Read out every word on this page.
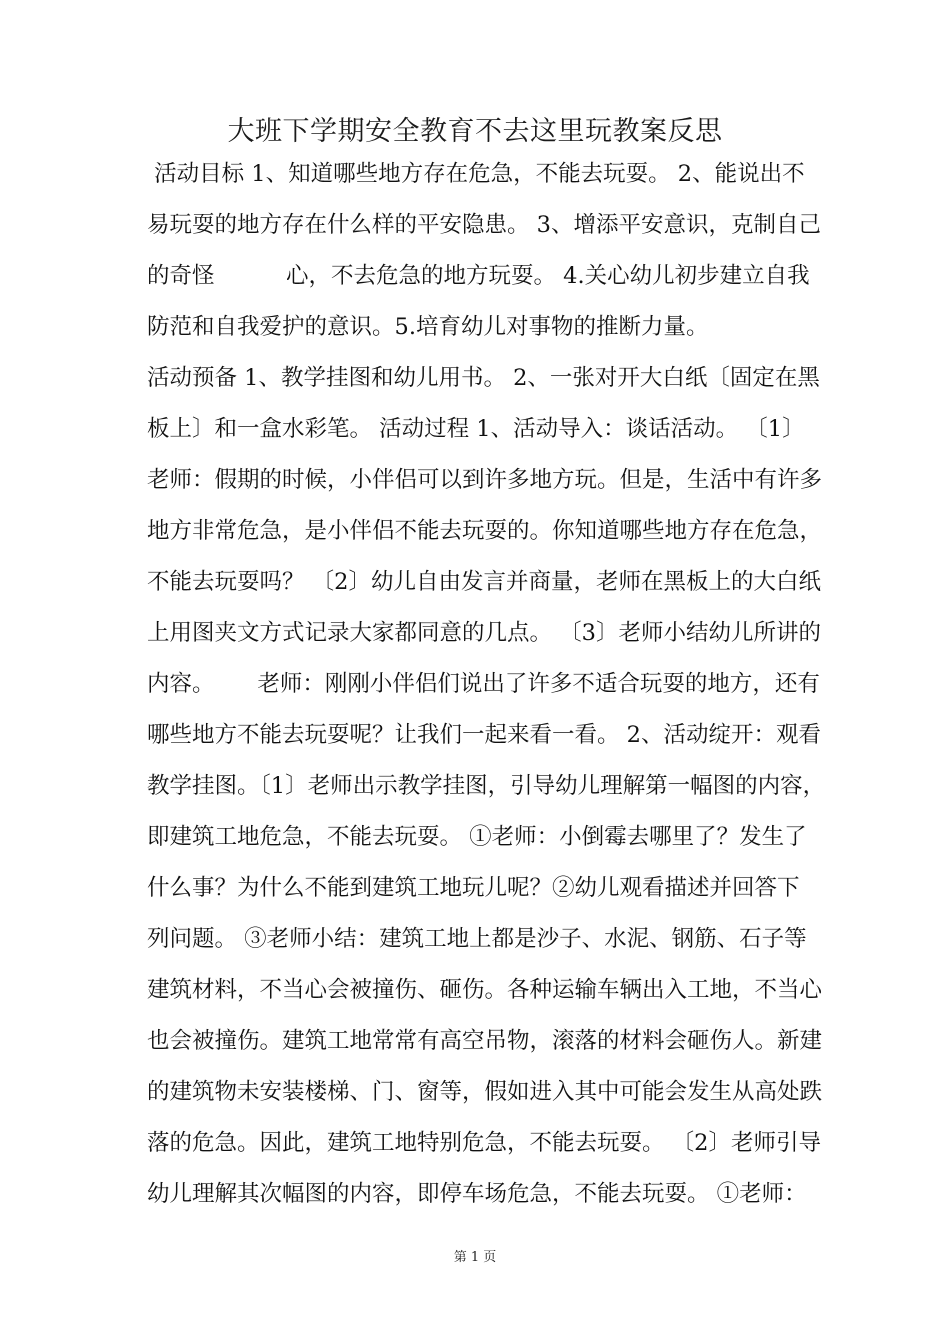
大班下学期安全教育不去这里玩教案反思
活动目标 1、知道哪些地方存在危急，不能去玩耍。 2、能说出不
易玩耍的地方存在什么样的平安隐患。 3、增添平安意识，克制自己
的奇怪          心，不去危急的地方玩耍。 4.关心幼儿初步建立自我
防范和自我爱护的意识。5.培育幼儿对事物的推断力量。
活动预备 1、教学挂图和幼儿用书。 2、一张对开大白纸〔固定在黑
板上〕和一盒水彩笔。 活动过程 1、活动导入：谈话活动。 〔1〕
老师：假期的时候，小伴侣可以到许多地方玩。但是，生活中有许多
地方非常危急，是小伴侣不能去玩耍的。你知道哪些地方存在危急，
不能去玩耍吗？ 〔2〕幼儿自由发言并商量，老师在黑板上的大白纸
上用图夹文方式记录大家都同意的几点。 〔3〕老师小结幼儿所讲的
内容。      老师：刚刚小伴侣们说出了许多不适合玩耍的地方，还有
哪些地方不能去玩耍呢？让我们一起来看一看。 2、活动绽开：观看
教学挂图。〔1〕老师出示教学挂图，引导幼儿理解第一幅图的内容，
即建筑工地危急，不能去玩耍。 ①老师：小倒霉去哪里了？发生了
什么事？为什么不能到建筑工地玩儿呢？②幼儿观看描述并回答下
列问题。 ③老师小结：建筑工地上都是沙子、水泥、钢筋、石子等
建筑材料，不当心会被撞伤、砸伤。各种运输车辆出入工地，不当心
也会被撞伤。建筑工地常常有高空吊物，滚落的材料会砸伤人。新建
的建筑物未安装楼梯、门、窗等，假如进入其中可能会发生从高处跌
落的危急。因此，建筑工地特别危急，不能去玩耍。 〔2〕老师引导
幼儿理解其次幅图的内容，即停车场危急，不能去玩耍。 ①老师：
第 1 页
